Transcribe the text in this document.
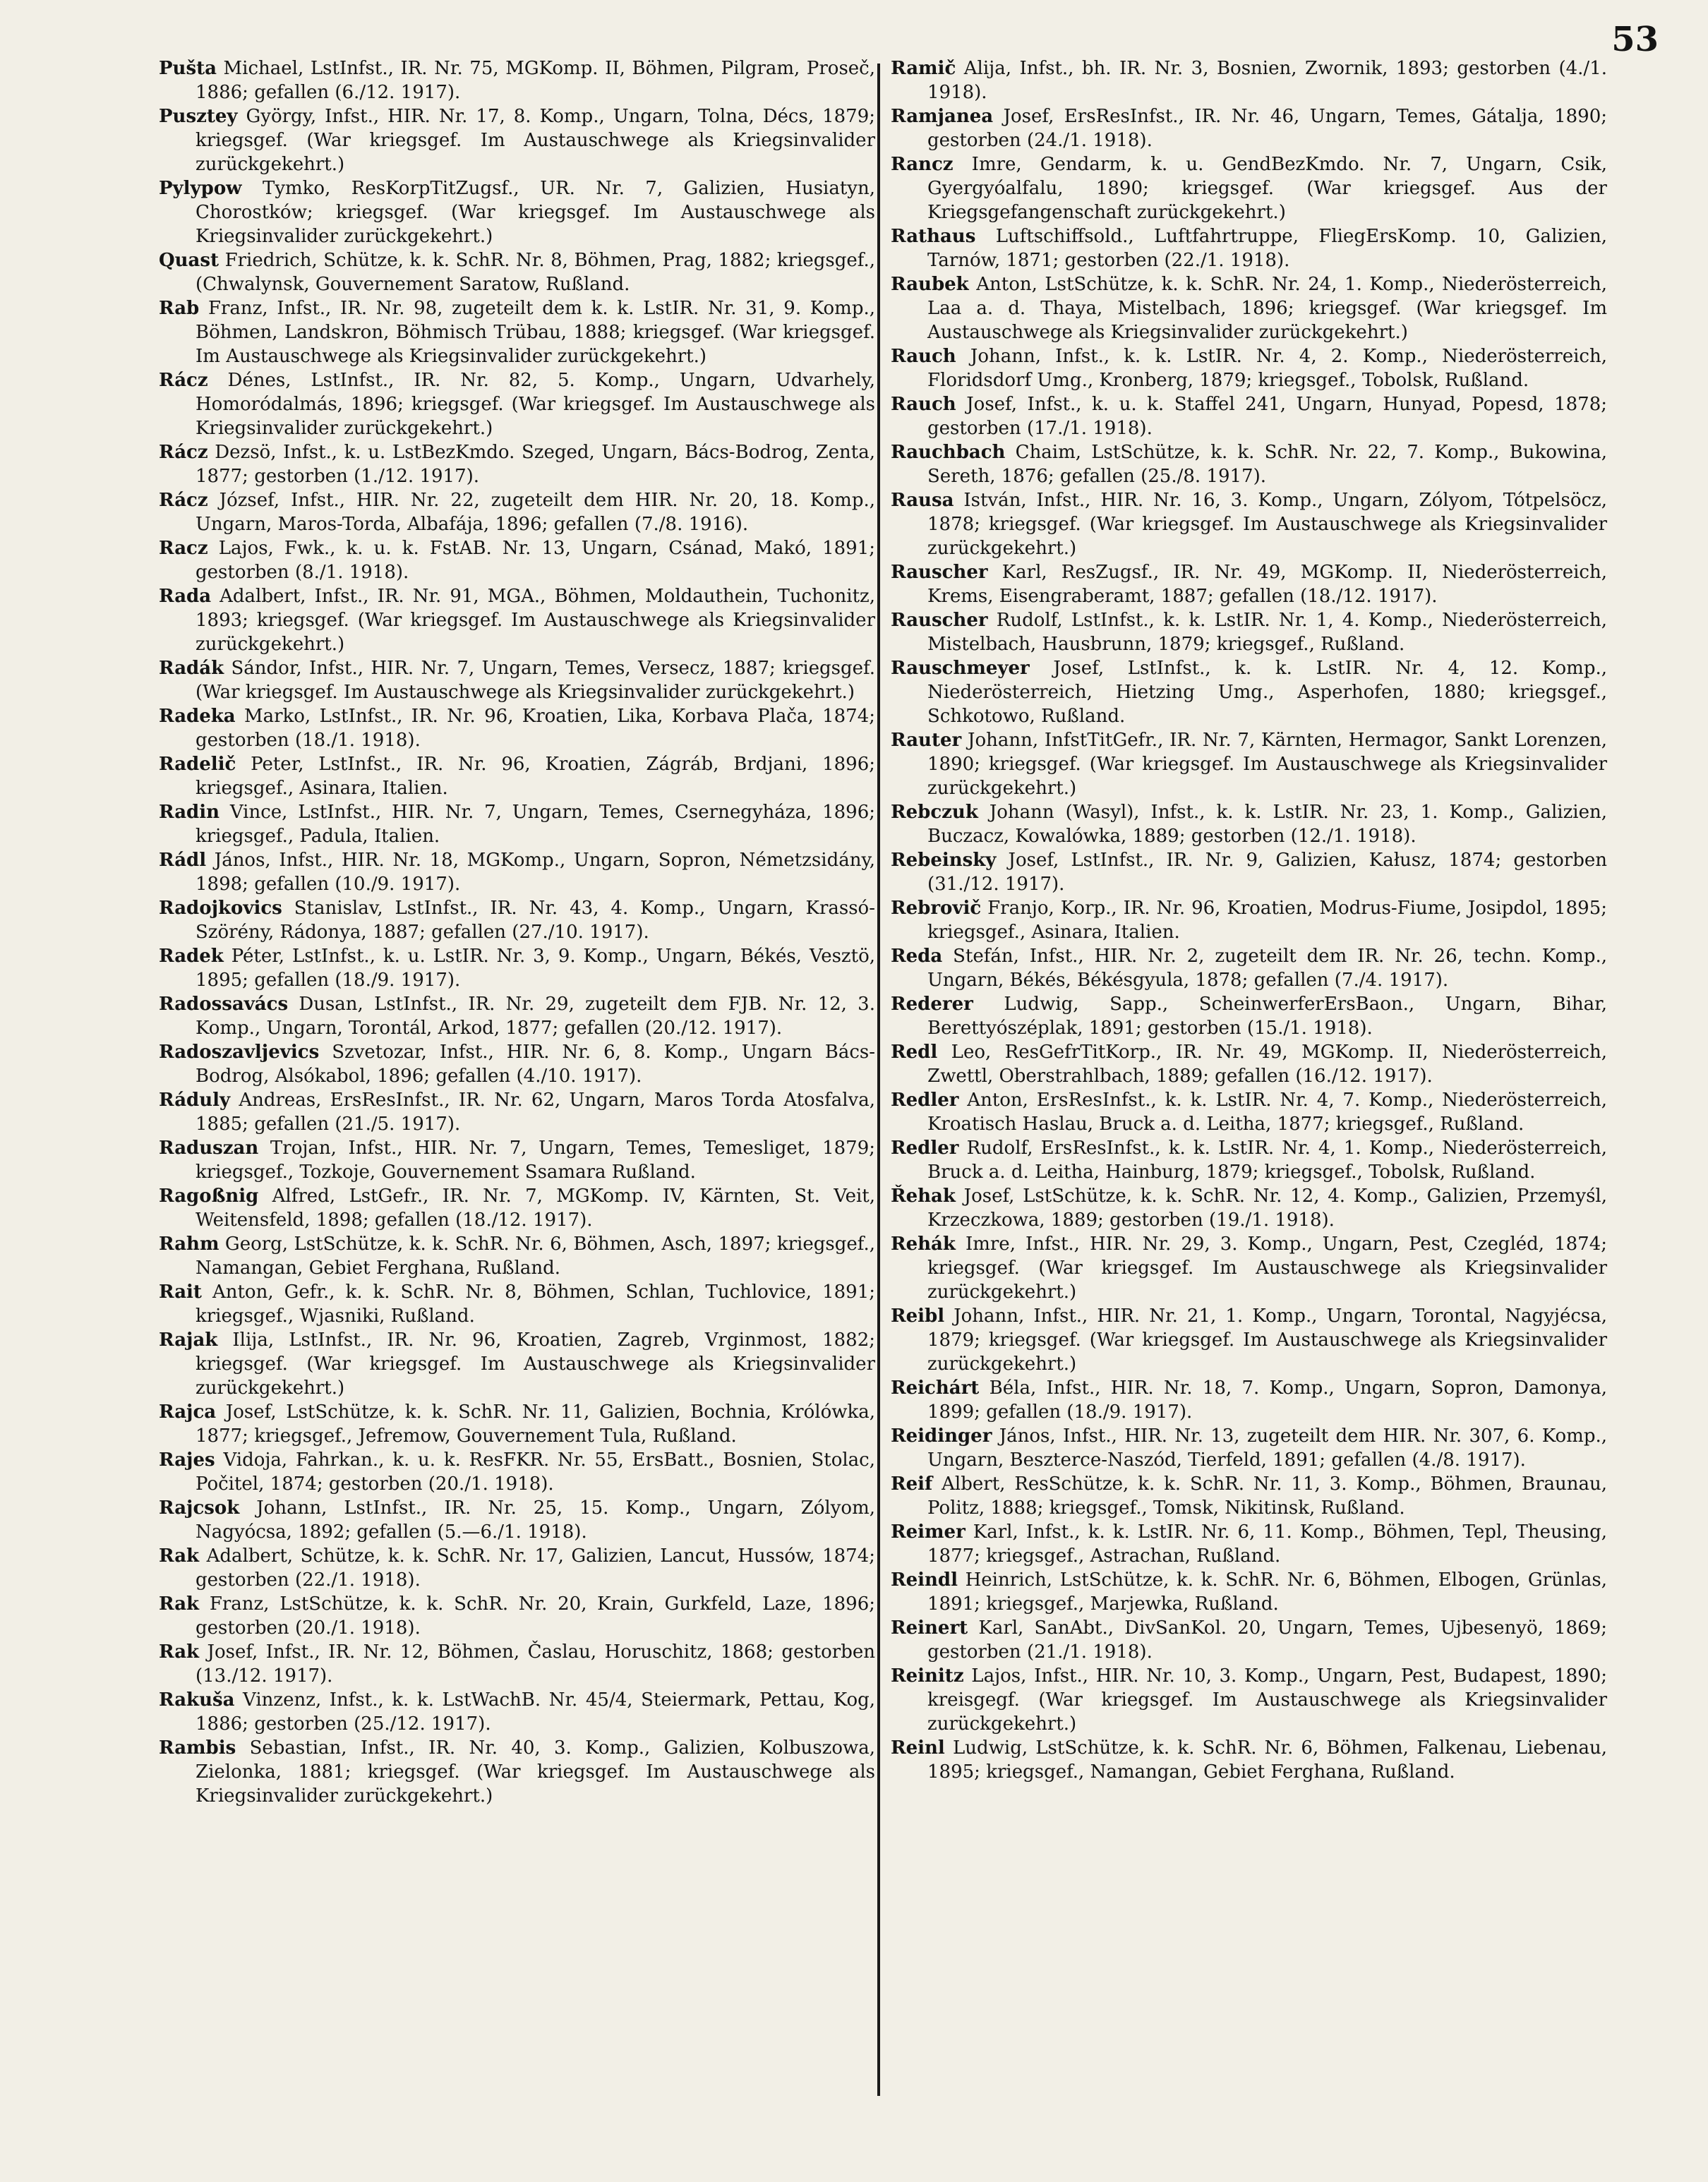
53

Pušta Michael, LstInfst., IR. Nr. 75, MGKomp. II, Böhmen, Pilgram, Proseč, 1886; gefallen (6./12. 1917).

Pusztey György, Infst., HIR. Nr. 17, 8. Komp., Ungarn, Tolna, Décs, 1879; kriegsgef. (War kriegsgef. Im Austauschwege als Kriegsinvalider zurückgekehrt.)

Pylypow Tymko, ResKorpTitZugsf., UR. Nr. 7, Galizien, Husiatyn, Chorostków; kriegsgef. (War kriegsgef. Im Austauschwege als Kriegsinvalider zurückgekehrt.)

Quast Friedrich, Schütze, k. k. SchR. Nr. 8, Böhmen, Prag, 1882; kriegsgef., (Chwalynsk, Gouvernement Saratow, Rußland.

Rab Franz, Infst., IR. Nr. 98, zugeteilt dem k. k. LstIR. Nr. 31, 9. Komp., Böhmen, Landskron, Böhmisch Trübau, 1888; kriegsgef. (War kriegsgef. Im Austauschwege als Kriegsinvalider zurückgekehrt.)

Rácz Dénes, LstInfst., IR. Nr. 82, 5. Komp., Ungarn, Udvarhely, Homoródalmás, 1896; kriegsgef. (War kriegsgef. Im Austauschwege als Kriegsinvalider zurückgekehrt.)

Rácz Dezsö, Infst., k. u. LstBezKmdo. Szeged, Ungarn, Bács-Bodrog, Zenta, 1877; gestorben (1./12. 1917).

Rácz József, Infst., HIR. Nr. 22, zugeteilt dem HIR. Nr. 20, 18. Komp., Ungarn, Maros-Torda, Albafája, 1896; gefallen (7./8. 1916).

Racz Lajos, Fwk., k. u. k. FstAB. Nr. 13, Ungarn, Csánad, Makó, 1891; gestorben (8./1. 1918).

Rada Adalbert, Infst., IR. Nr. 91, MGA., Böhmen, Moldauthein, Tuchonitz, 1893; kriegsgef. (War kriegsgef. Im Austauschwege als Kriegsinvalider zurückgekehrt.)

Radák Sándor, Infst., HIR. Nr. 7, Ungarn, Temes, Versecz, 1887; kriegsgef. (War kriegsgef. Im Austauschwege als Kriegsinvalider zurückgekehrt.)

Radeka Marko, LstInfst., IR. Nr. 96, Kroatien, Lika, Korbava Plača, 1874; gestorben (18./1. 1918).

Radelič Peter, LstInfst., IR. Nr. 96, Kroatien, Zágráb, Brdjani, 1896; kriegsgef., Asinara, Italien.

Radin Vince, LstInfst., HIR. Nr. 7, Ungarn, Temes, Csernegyháza, 1896; kriegsgef., Padula, Italien.

Rádl János, Infst., HIR. Nr. 18, MGKomp., Ungarn, Sopron, Németzsidány, 1898; gefallen (10./9. 1917).

Radojkovics Stanislav, LstInfst., IR. Nr. 43, 4. Komp., Ungarn, Krassó-Szörény, Rádonya, 1887; gefallen (27./10. 1917).

Radek Péter, LstInfst., k. u. LstIR. Nr. 3, 9. Komp., Ungarn, Békés, Vesztö, 1895; gefallen (18./9. 1917).

Radossavács Dusan, LstInfst., IR. Nr. 29, zugeteilt dem FJB. Nr. 12, 3. Komp., Ungarn, Torontál, Arkod, 1877; gefallen (20./12. 1917).

Radoszavljevics Szvetozar, Infst., HIR. Nr. 6, 8. Komp., Ungarn Bács-Bodrog, Alsókabol, 1896; gefallen (4./10. 1917).

Ráduly Andreas, ErsResInfst., IR. Nr. 62, Ungarn, Maros Torda Atosfalva, 1885; gefallen (21./5. 1917).

Raduszan Trojan, Infst., HIR. Nr. 7, Ungarn, Temes, Temesliget, 1879; kriegsgef., Tozkoje, Gouvernement Ssamara Rußland.

Ragoßnig Alfred, LstGefr., IR. Nr. 7, MGKomp. IV, Kärnten, St. Veit, Weitensfeld, 1898; gefallen (18./12. 1917).

Rahm Georg, LstSchütze, k. k. SchR. Nr. 6, Böhmen, Asch, 1897; kriegsgef., Namangan, Gebiet Ferghana, Rußland.

Rait Anton, Gefr., k. k. SchR. Nr. 8, Böhmen, Schlan, Tuchlovice, 1891; kriegsgef., Wjasniki, Rußland.

Rajak Ilija, LstInfst., IR. Nr. 96, Kroatien, Zagreb, Vrginmost, 1882; kriegsgef. (War kriegsgef. Im Austauschwege als Kriegsinvalider zurückgekehrt.)

Rajca Josef, LstSchütze, k. k. SchR. Nr. 11, Galizien, Bochnia, Królówka, 1877; kriegsgef., Jefremow, Gouvernement Tula, Rußland.

Rajes Vidoja, Fahrkan., k. u. k. ResFKR. Nr. 55, ErsBatt., Bosnien, Stolac, Počitel, 1874; gestorben (20./1. 1918).

Rajcsok Johann, LstInfst., IR. Nr. 25, 15. Komp., Ungarn, Zólyom, Nagyócsa, 1892; gefallen (5.—6./1. 1918).

Rak Adalbert, Schütze, k. k. SchR. Nr. 17, Galizien, Lancut, Hussów, 1874; gestorben (22./1. 1918).

Rak Franz, LstSchütze, k. k. SchR. Nr. 20, Krain, Gurkfeld, Laze, 1896; gestorben (20./1. 1918).

Rak Josef, Infst., IR. Nr. 12, Böhmen, Časlau, Horuschitz, 1868; gestorben (13./12. 1917).

Rakuša Vinzenz, Infst., k. k. LstWachB. Nr. 45/4, Steiermark, Pettau, Kog, 1886; gestorben (25./12. 1917).

Rambis Sebastian, Infst., IR. Nr. 40, 3. Komp., Galizien, Kolbuszowa, Zielonka, 1881; kriegsgef. (War kriegsgef. Im Austauschwege als Kriegsinvalider zurückgekehrt.)

Ramič Alija, Infst., bh. IR. Nr. 3, Bosnien, Zwornik, 1893; gestorben (4./1. 1918).

Ramjanea Josef, ErsResInfst., IR. Nr. 46, Ungarn, Temes, Gátalja, 1890; gestorben (24./1. 1918).

Rancz Imre, Gendarm, k. u. GendBezKmdo. Nr. 7, Ungarn, Csik, Gyergyóalfalu, 1890; kriegsgef. (War kriegsgef. Aus der Kriegsgefangenschaft zurückgekehrt.)

Rathaus Luftschiffsold., Luftfahrtruppe, FliegErsKomp. 10, Galizien, Tarnów, 1871; gestorben (22./1. 1918).

Raubek Anton, LstSchütze, k. k. SchR. Nr. 24, 1. Komp., Niederösterreich, Laa a. d. Thaya, Mistelbach, 1896; kriegsgef. (War kriegsgef. Im Austauschwege als Kriegsinvalider zurückgekehrt.)

Rauch Johann, Infst., k. k. LstIR. Nr. 4, 2. Komp., Niederösterreich, Floridsdorf Umg., Kronberg, 1879; kriegsgef., Tobolsk, Rußland.

Rauch Josef, Infst., k. u. k. Staffel 241, Ungarn, Hunyad, Popesd, 1878; gestorben (17./1. 1918).

Rauchbach Chaim, LstSchütze, k. k. SchR. Nr. 22, 7. Komp., Bukowina, Sereth, 1876; gefallen (25./8. 1917).

Rausa István, Infst., HIR. Nr. 16, 3. Komp., Ungarn, Zólyom, Tótpelsöcz, 1878; kriegsgef. (War kriegsgef. Im Austauschwege als Kriegsinvalider zurückgekehrt.)

Rauscher Karl, ResZugsf., IR. Nr. 49, MGKomp. II, Niederösterreich, Krems, Eisengraberamt, 1887; gefallen (18./12. 1917).

Rauscher Rudolf, LstInfst., k. k. LstIR. Nr. 1, 4. Komp., Niederösterreich, Mistelbach, Hausbrunn, 1879; kriegsgef., Rußland.

Rauschmeyer Josef, LstInfst., k. k. LstIR. Nr. 4, 12. Komp., Niederösterreich, Hietzing Umg., Asperhofen, 1880; kriegsgef., Schkotowo, Rußland.

Rauter Johann, InfstTitGefr., IR. Nr. 7, Kärnten, Hermagor, Sankt Lorenzen, 1890; kriegsgef. (War kriegsgef. Im Austauschwege als Kriegsinvalider zurückgekehrt.)

Rebczuk Johann (Wasyl), Infst., k. k. LstIR. Nr. 23, 1. Komp., Galizien, Buczacz, Kowalówka, 1889; gestorben (12./1. 1918).

Rebeinsky Josef, LstInfst., IR. Nr. 9, Galizien, Kałusz, 1874; gestorben (31./12. 1917).

Rebrovič Franjo, Korp., IR. Nr. 96, Kroatien, Modrus-Fiume, Josipdol, 1895; kriegsgef., Asinara, Italien.

Reda Stefán, Infst., HIR. Nr. 2, zugeteilt dem IR. Nr. 26, techn. Komp., Ungarn, Békés, Békésgyula, 1878; gefallen (7./4. 1917).

Rederer Ludwig, Sapp., ScheinwerferErsBaon., Ungarn, Bihar, Berettyószéplak, 1891; gestorben (15./1. 1918).

Redl Leo, ResGefrTitKorp., IR. Nr. 49, MGKomp. II, Niederösterreich, Zwettl, Oberstrahlbach, 1889; gefallen (16./12. 1917).

Redler Anton, ErsResInfst., k. k. LstIR. Nr. 4, 7. Komp., Niederösterreich, Kroatisch Haslau, Bruck a. d. Leitha, 1877; kriegsgef., Rußland.

Redler Rudolf, ErsResInfst., k. k. LstIR. Nr. 4, 1. Komp., Niederösterreich, Bruck a. d. Leitha, Hainburg, 1879; kriegsgef., Tobolsk, Rußland.

Řehak Josef, LstSchütze, k. k. SchR. Nr. 12, 4. Komp., Galizien, Przemyśl, Krzeczkowa, 1889; gestorben (19./1. 1918).

Rehák Imre, Infst., HIR. Nr. 29, 3. Komp., Ungarn, Pest, Czegléd, 1874; kriegsgef. (War kriegsgef. Im Austauschwege als Kriegsinvalider zurückgekehrt.)

Reibl Johann, Infst., HIR. Nr. 21, 1. Komp., Ungarn, Torontal, Nagyjécsa, 1879; kriegsgef. (War kriegsgef. Im Austauschwege als Kriegsinvalider zurückgekehrt.)

Reichárt Béla, Infst., HIR. Nr. 18, 7. Komp., Ungarn, Sopron, Damonya, 1899; gefallen (18./9. 1917).

Reidinger János, Infst., HIR. Nr. 13, zugeteilt dem HIR. Nr. 307, 6. Komp., Ungarn, Beszterce-Naszód, Tierfeld, 1891; gefallen (4./8. 1917).

Reif Albert, ResSchütze, k. k. SchR. Nr. 11, 3. Komp., Böhmen, Braunau, Politz, 1888; kriegsgef., Tomsk, Nikitinsk, Rußland.

Reimer Karl, Infst., k. k. LstIR. Nr. 6, 11. Komp., Böhmen, Tepl, Theusing, 1877; kriegsgef., Astrachan, Rußland.

Reindl Heinrich, LstSchütze, k. k. SchR. Nr. 6, Böhmen, Elbogen, Grünlas, 1891; kriegsgef., Marjewka, Rußland.

Reinert Karl, SanAbt., DivSanKol. 20, Ungarn, Temes, Ujbesenyö, 1869; gestorben (21./1. 1918).

Reinitz Lajos, Infst., HIR. Nr. 10, 3. Komp., Ungarn, Pest, Budapest, 1890; kreisgegf. (War kriegsgef. Im Austauschwege als Kriegsinvalider zurückgekehrt.)

Reinl Ludwig, LstSchütze, k. k. SchR. Nr. 6, Böhmen, Falkenau, Liebenau, 1895; kriegsgef., Namangan, Gebiet Ferghana, Rußland.
